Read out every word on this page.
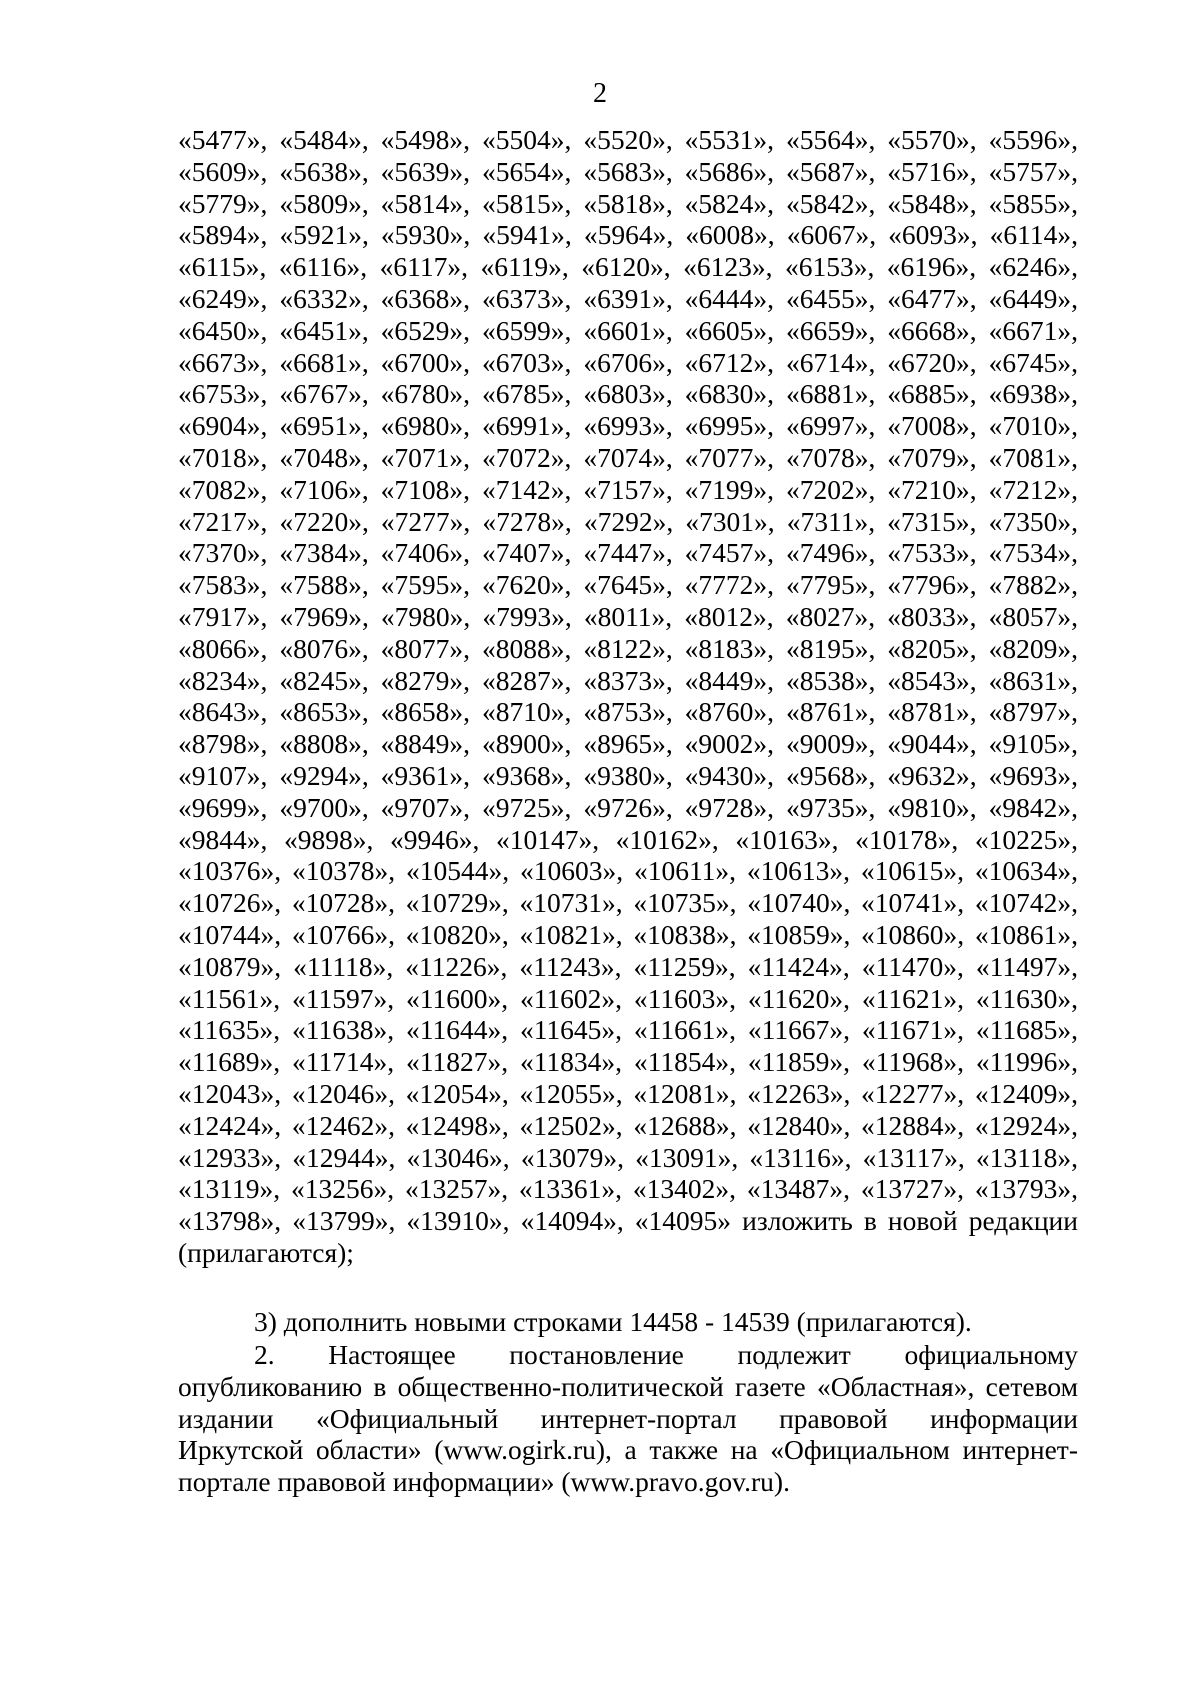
2
«5477», «5484», «5498», «5504», «5520», «5531», «5564», «5570», «5596»,
«5609», «5638», «5639», «5654», «5683», «5686», «5687», «5716», «5757»,
«5779», «5809», «5814», «5815», «5818», «5824», «5842», «5848», «5855»,
«5894», «5921», «5930», «5941», «5964», «6008», «6067», «6093», «6114»,
«6115», «6116», «6117», «6119», «6120», «6123», «6153», «6196», «6246»,
«6249», «6332», «6368», «6373», «6391», «6444», «6455», «6477», «6449»,
«6450», «6451», «6529», «6599», «6601», «6605», «6659», «6668», «6671»,
«6673», «6681», «6700», «6703», «6706», «6712», «6714», «6720», «6745»,
«6753», «6767», «6780», «6785», «6803», «6830», «6881», «6885», «6938»,
«6904», «6951», «6980», «6991», «6993», «6995», «6997», «7008», «7010»,
«7018», «7048», «7071», «7072», «7074», «7077», «7078», «7079», «7081»,
«7082», «7106», «7108», «7142», «7157», «7199», «7202», «7210», «7212»,
«7217», «7220», «7277», «7278», «7292», «7301», «7311», «7315», «7350»,
«7370», «7384», «7406», «7407», «7447», «7457», «7496», «7533», «7534»,
«7583», «7588», «7595», «7620», «7645», «7772», «7795», «7796», «7882»,
«7917», «7969», «7980», «7993», «8011», «8012», «8027», «8033», «8057»,
«8066», «8076», «8077», «8088», «8122», «8183», «8195», «8205», «8209»,
«8234», «8245», «8279», «8287», «8373», «8449», «8538», «8543», «8631»,
«8643», «8653», «8658», «8710», «8753», «8760», «8761», «8781», «8797»,
«8798», «8808», «8849», «8900», «8965», «9002», «9009», «9044», «9105»,
«9107», «9294», «9361», «9368», «9380», «9430», «9568», «9632», «9693»,
«9699», «9700», «9707», «9725», «9726», «9728», «9735», «9810», «9842»,
«9844», «9898», «9946», «10147», «10162», «10163», «10178», «10225»,
«10376», «10378», «10544», «10603», «10611», «10613», «10615», «10634»,
«10726», «10728», «10729», «10731», «10735», «10740», «10741», «10742»,
«10744», «10766», «10820», «10821», «10838», «10859», «10860», «10861»,
«10879», «11118», «11226», «11243», «11259», «11424», «11470», «11497»,
«11561», «11597», «11600», «11602», «11603», «11620», «11621», «11630»,
«11635», «11638», «11644», «11645», «11661», «11667», «11671», «11685»,
«11689», «11714», «11827», «11834», «11854», «11859», «11968», «11996»,
«12043», «12046», «12054», «12055», «12081», «12263», «12277», «12409»,
«12424», «12462», «12498», «12502», «12688», «12840», «12884», «12924»,
«12933», «12944», «13046», «13079», «13091», «13116», «13117», «13118»,
«13119», «13256», «13257», «13361», «13402», «13487», «13727», «13793»,
«13798», «13799», «13910», «14094», «14095» изложить в новой редакции
(прилагаются);
3) дополнить новыми строками 14458 - 14539 (прилагаются).
2. Настоящее постановление подлежит официальному
опубликованию в общественно-политической газете «Областная», сетевом
издании «Официальный интернет-портал правовой информации
Иркутской области» (www.ogirk.ru), а также на «Официальном интернет-
портале правовой информации» (www.pravo.gov.ru).
